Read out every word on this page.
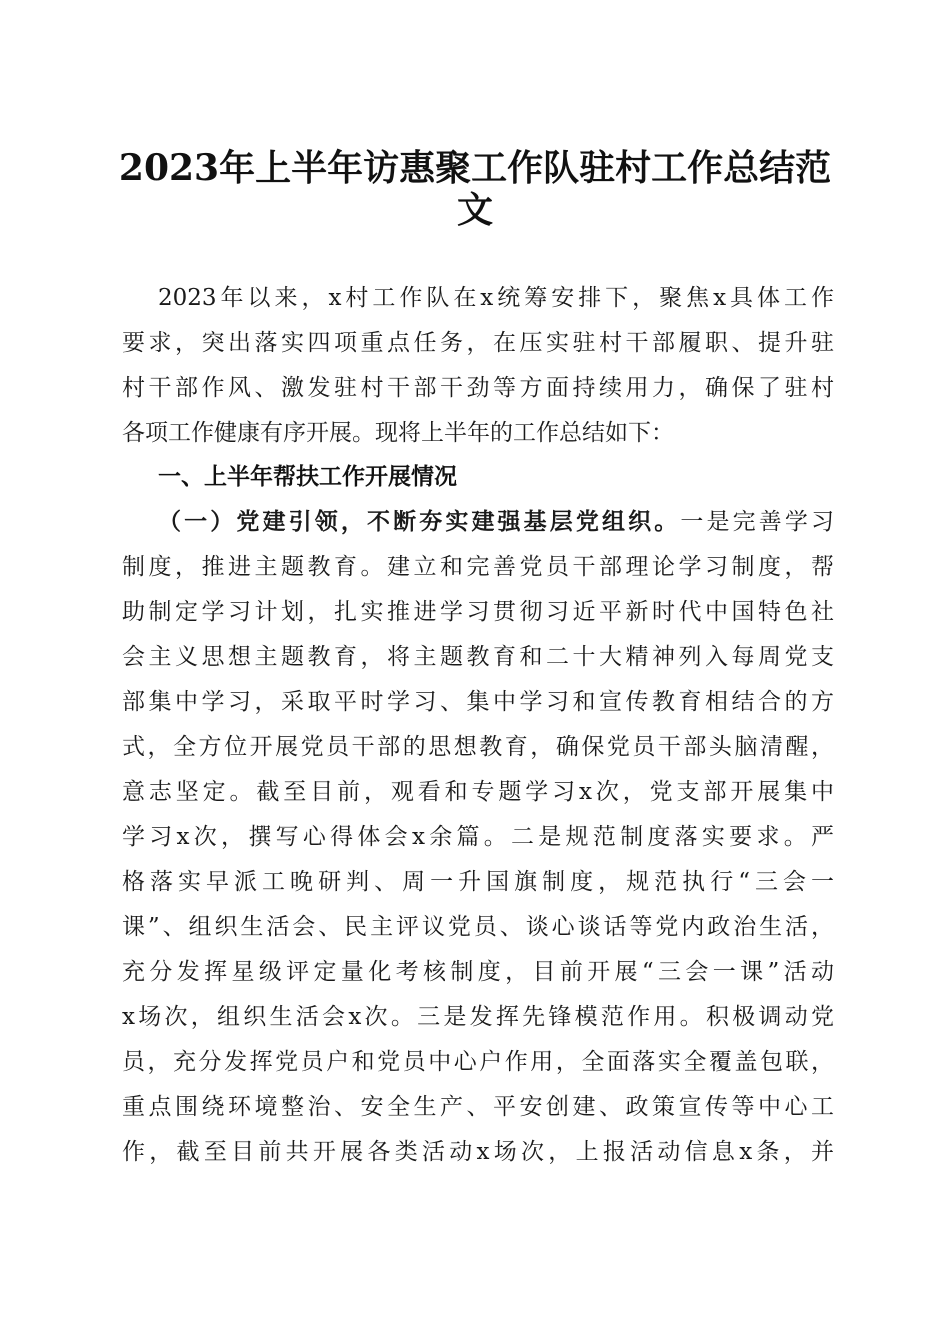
2023年上半年访惠聚工作队驻村工作总结范
文
2023年以来，x村工作队在x统筹安排下，聚焦x具体工作
要求，突出落实四项重点任务，在压实驻村干部履职、提升驻
村干部作风、激发驻村干部干劲等方面持续用力，确保了驻村
各项工作健康有序开展。现将上半年的工作总结如下：
一、上半年帮扶工作开展情况
（一）党建引领，不断夯实建强基层党组织。一是完善学习
制度，推进主题教育。建立和完善党员干部理论学习制度，帮
助制定学习计划，扎实推进学习贯彻习近平新时代中国特色社
会主义思想主题教育，将主题教育和二十大精神列入每周党支
部集中学习，采取平时学习、集中学习和宣传教育相结合的方
式，全方位开展党员干部的思想教育，确保党员干部头脑清醒，
意志坚定。截至目前，观看和专题学习x次，党支部开展集中
学习x次，撰写心得体会x余篇。二是规范制度落实要求。严
格落实早派工晚研判、周一升国旗制度，规范执行“三会一
课”、组织生活会、民主评议党员、谈心谈话等党内政治生活，
充分发挥星级评定量化考核制度，目前开展“三会一课”活动
x场次，组织生活会x次。三是发挥先锋模范作用。积极调动党
员，充分发挥党员户和党员中心户作用，全面落实全覆盖包联，
重点围绕环境整治、安全生产、平安创建、政策宣传等中心工
作，截至目前共开展各类活动x场次，上报活动信息x条，并
